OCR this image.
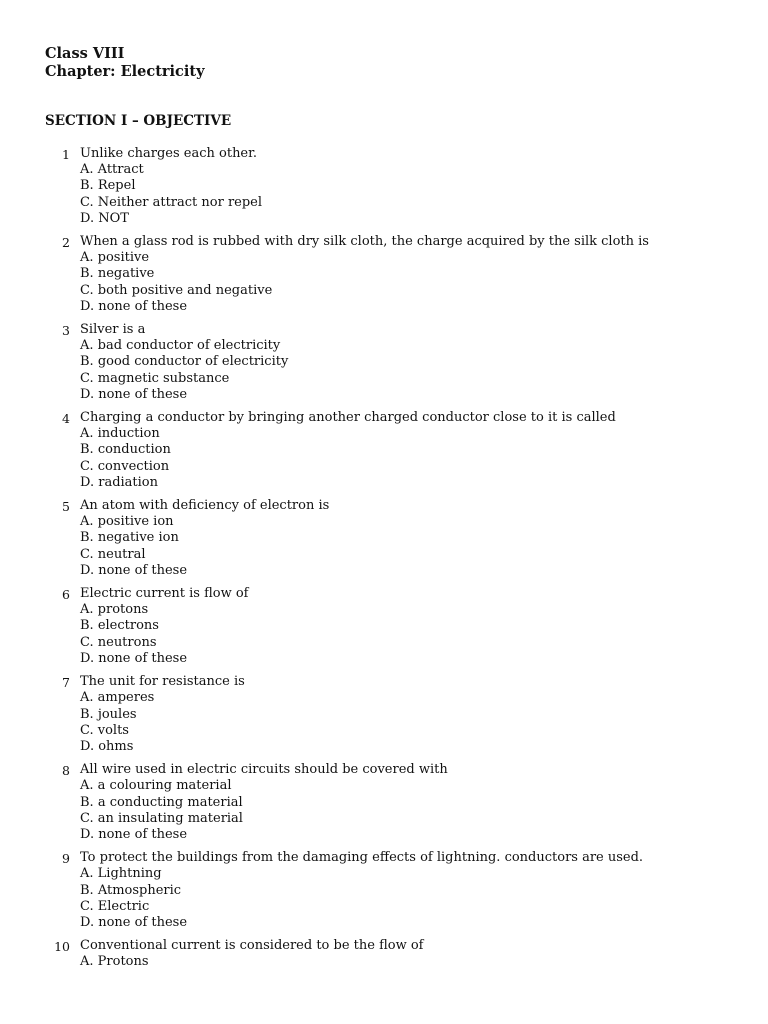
Class VIII
Chapter: Electricity
SECTION I – OBJECTIVE
1 Unlike charges each other.
A. Attract
B. Repel
C. Neither attract nor repel
D. NOT
2 When a glass rod is rubbed with dry silk cloth, the charge acquired by the silk cloth is
A. positive
B. negative
C. both positive and negative
D. none of these
3 Silver is a
A. bad conductor of electricity
B. good conductor of electricity
C. magnetic substance
D. none of these
4 Charging a conductor by bringing another charged conductor close to it is called
A. induction
B. conduction
C. convection
D. radiation
5 An atom with deficiency of electron is
A. positive ion
B. negative ion
C. neutral
D. none of these
6 Electric current is flow of
A. protons
B. electrons
C. neutrons
D. none of these
7 The unit for resistance is
A. amperes
B. joules
C. volts
D. ohms
8 All wire used in electric circuits should be covered with
A. a colouring material
B. a conducting material
C. an insulating material
D. none of these
9 To protect the buildings from the damaging effects of lightning. conductors are used.
A. Lightning
B. Atmospheric
C. Electric
D. none of these
10 Conventional current is considered to be the flow of
A. Protons
